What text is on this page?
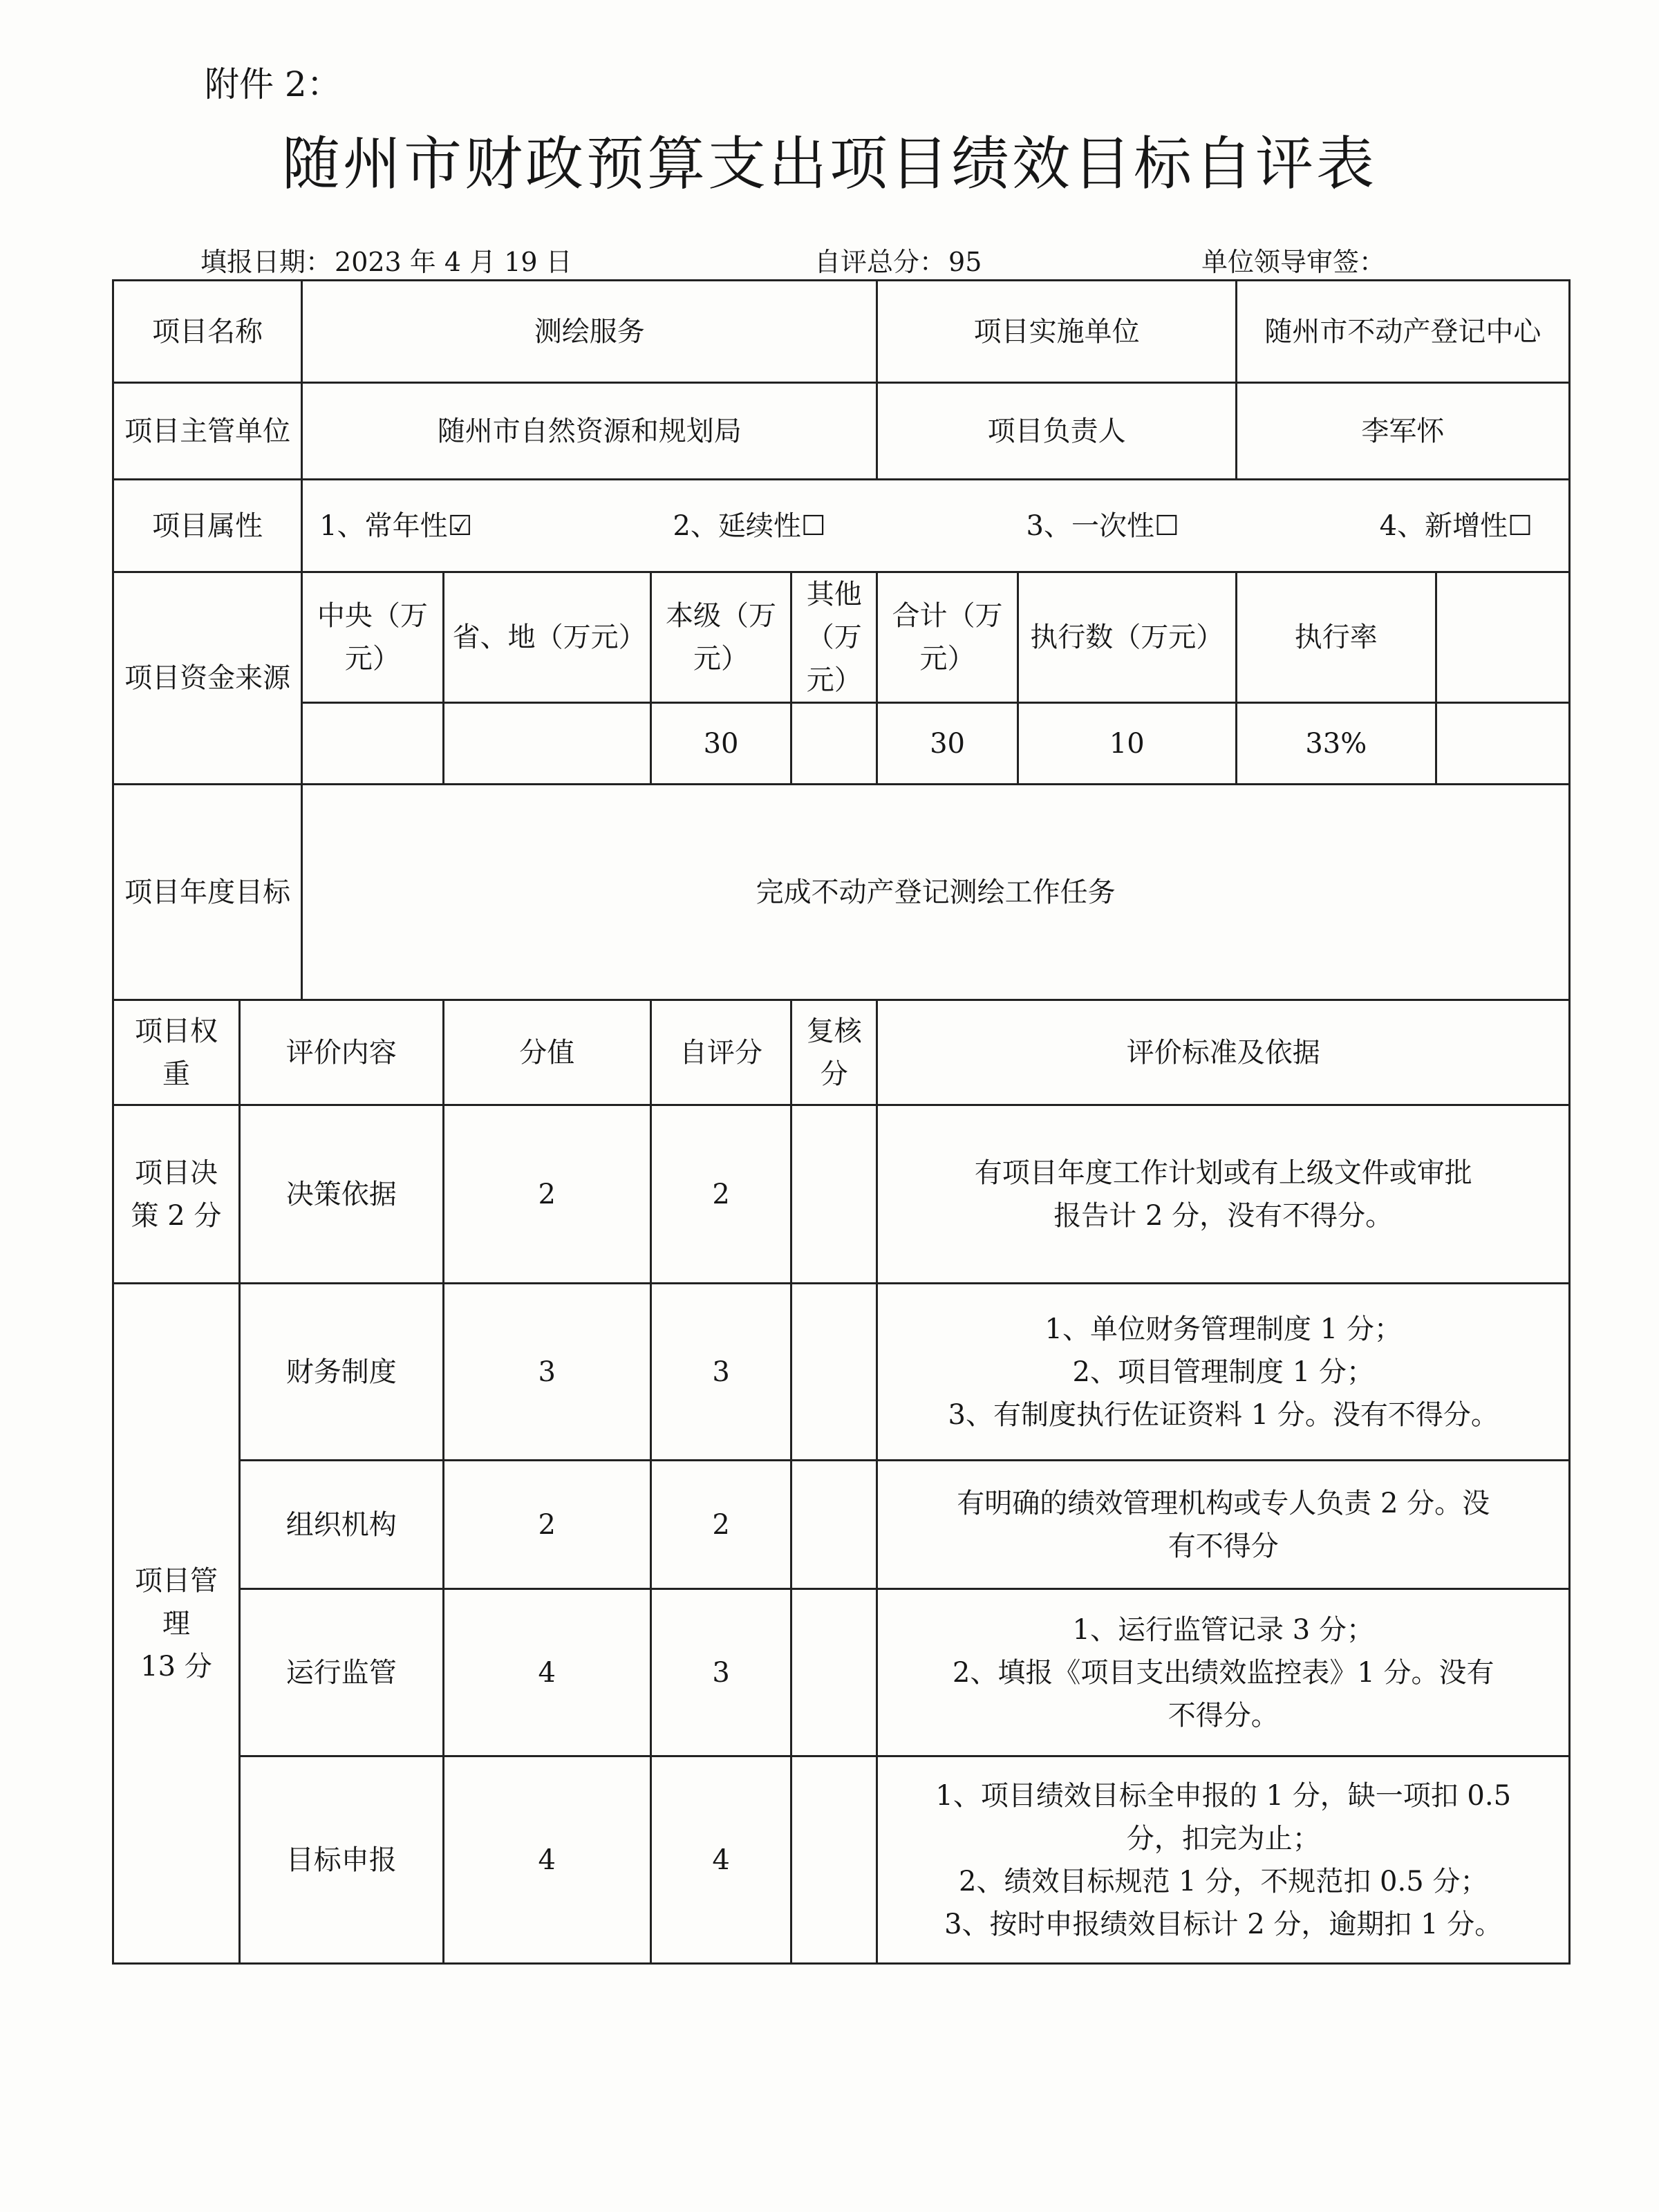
附件 2：
随州市财政预算支出项目绩效目标自评表
填报日期： 2023 年 4 月 19 日	自评总分： 95	单位领导审签：
项目名称		测绘服务				项目实施单位		随州市不动产登记中心	
项目主管单位		随州市自然资源和规划局				项目负责人		李军怀	
项目属性		1、常年性☑ 2、延续性☐ 3、一次性☐ 4、新增性☐							

项目资金来源		中央（万元）	省、地（万元）	本级（万元）	其他（万元）	合计（万元）	执行数（万元）	执行率	
				30		30	10	33%	
项目年度目标		完成不动产登记测绘工作任务							
项目权重	评价内容		分值	自评分	复核分	评价标准及依据			
项目决策 2 分	决策依据		2	2		有项目年度工作计划或有上级文件或审批
报告计 2 分，没有不得分。			

项目管理
13 分	财务制度		3	3		1、单位财务管理制度 1 分；
2、项目管理制度 1 分；
3、有制度执行佐证资料 1 分。没有不得分。			

	组织机构		2	2		有明确的绩效管理机构或专人负责 2 分。没
有不得分			

	运行监管		4	3		1、运行监管记录 3 分；
2、填报《项目支出绩效监控表》1 分。没有
不得分。			

	目标申报		4	4		1、项目绩效目标全申报的 1 分，缺一项扣 0.5
分，扣完为止；
2、绩效目标规范 1 分，不规范扣 0.5 分；
3、按时申报绩效目标计 2 分，逾期扣 1 分。			
